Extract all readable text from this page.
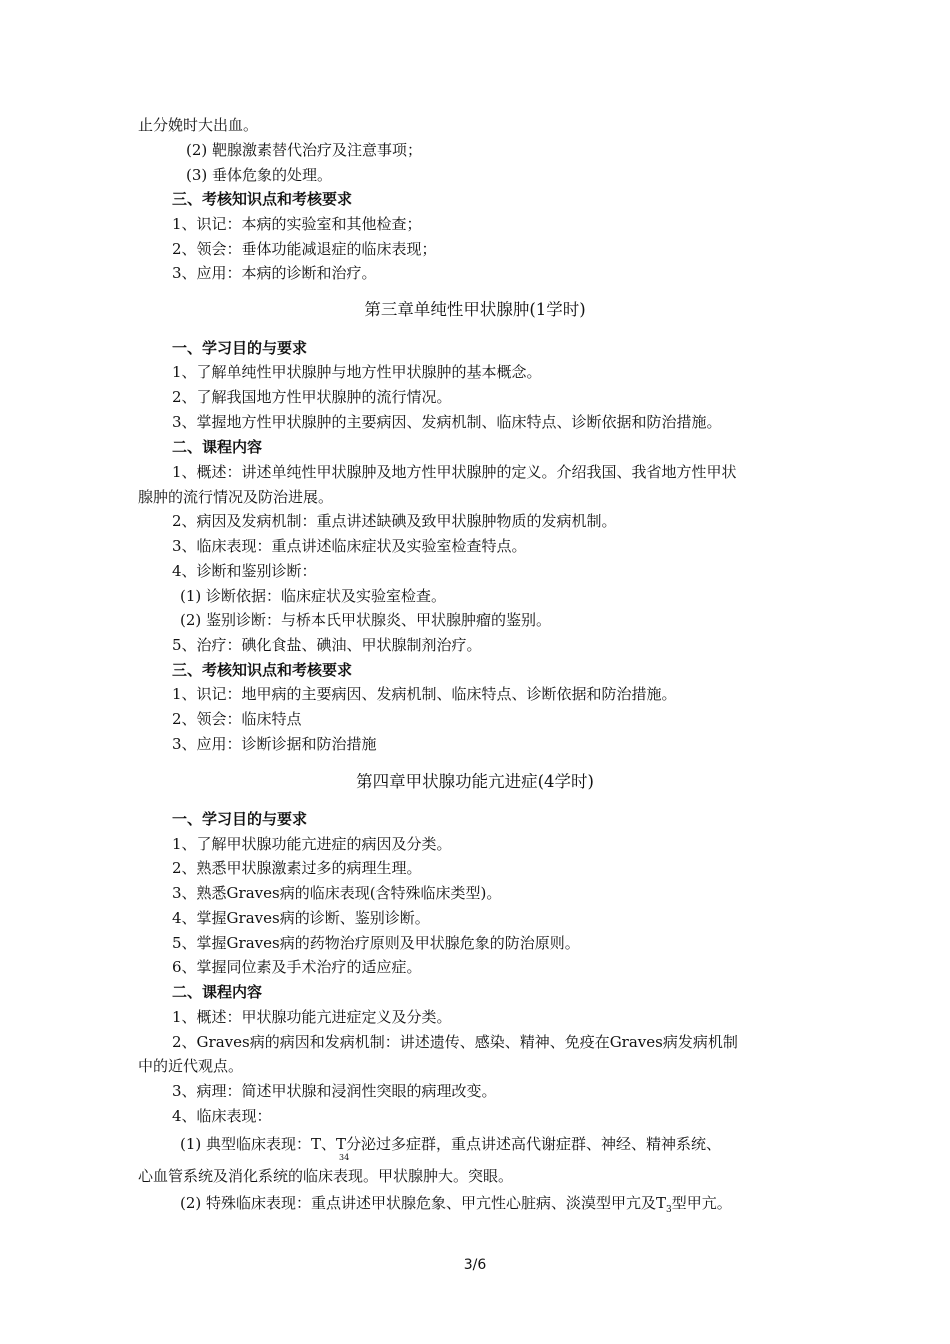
止分娩时大出血。
(2) 靶腺激素替代治疗及注意事项；
(3) 垂体危象的处理。
三、考核知识点和考核要求
1、识记：本病的实验室和其他检查；
2、领会：垂体功能减退症的临床表现；
3、应用：本病的诊断和治疗。
第三章单纯性甲状腺肿(1学时)
一、学习目的与要求
1、了解单纯性甲状腺肿与地方性甲状腺肿的基本概念。
2、了解我国地方性甲状腺肿的流行情况。
3、掌握地方性甲状腺肿的主要病因、发病机制、临床特点、诊断依据和防治措施。
二、课程内容
1、概述：讲述单纯性甲状腺肿及地方性甲状腺肿的定义。介绍我国、我省地方性甲状
腺肿的流行情况及防治进展。
2、病因及发病机制：重点讲述缺碘及致甲状腺肿物质的发病机制。
3、临床表现：重点讲述临床症状及实验室检查特点。
4、诊断和鉴别诊断：
(1) 诊断依据：临床症状及实验室检查。
(2) 鉴别诊断：与桥本氏甲状腺炎、甲状腺肿瘤的鉴别。
5、治疗：碘化食盐、碘油、甲状腺制剂治疗。
三、考核知识点和考核要求
1、识记：地甲病的主要病因、发病机制、临床特点、诊断依据和防治措施。
2、领会：临床特点
3、应用：诊断诊据和防治措施
第四章甲状腺功能亢进症(4学时)
一、学习目的与要求
1、了解甲状腺功能亢进症的病因及分类。
2、熟悉甲状腺激素过多的病理生理。
3、熟悉Graves病的临床表现(含特殊临床类型)。
4、掌握Graves病的诊断、鉴别诊断。
5、掌握Graves病的药物治疗原则及甲状腺危象的防治原则。
6、掌握同位素及手术治疗的适应症。
二、课程内容
1、概述：甲状腺功能亢进症定义及分类。
2、Graves病的病因和发病机制：讲述遗传、感染、精神、免疫在Graves病发病机制
中的近代观点。
3、病理：简述甲状腺和浸润性突眼的病理改变。
4、临床表现：
(1) 典型临床表现：T、T分泌过多症群，重点讲述高代谢症群、神经、精神系统、
34
心血管系统及消化系统的临床表现。甲状腺肿大。突眼。
(2) 特殊临床表现：重点讲述甲状腺危象、甲亢性心脏病、淡漠型甲亢及$T_3$型甲亢。
3/6
